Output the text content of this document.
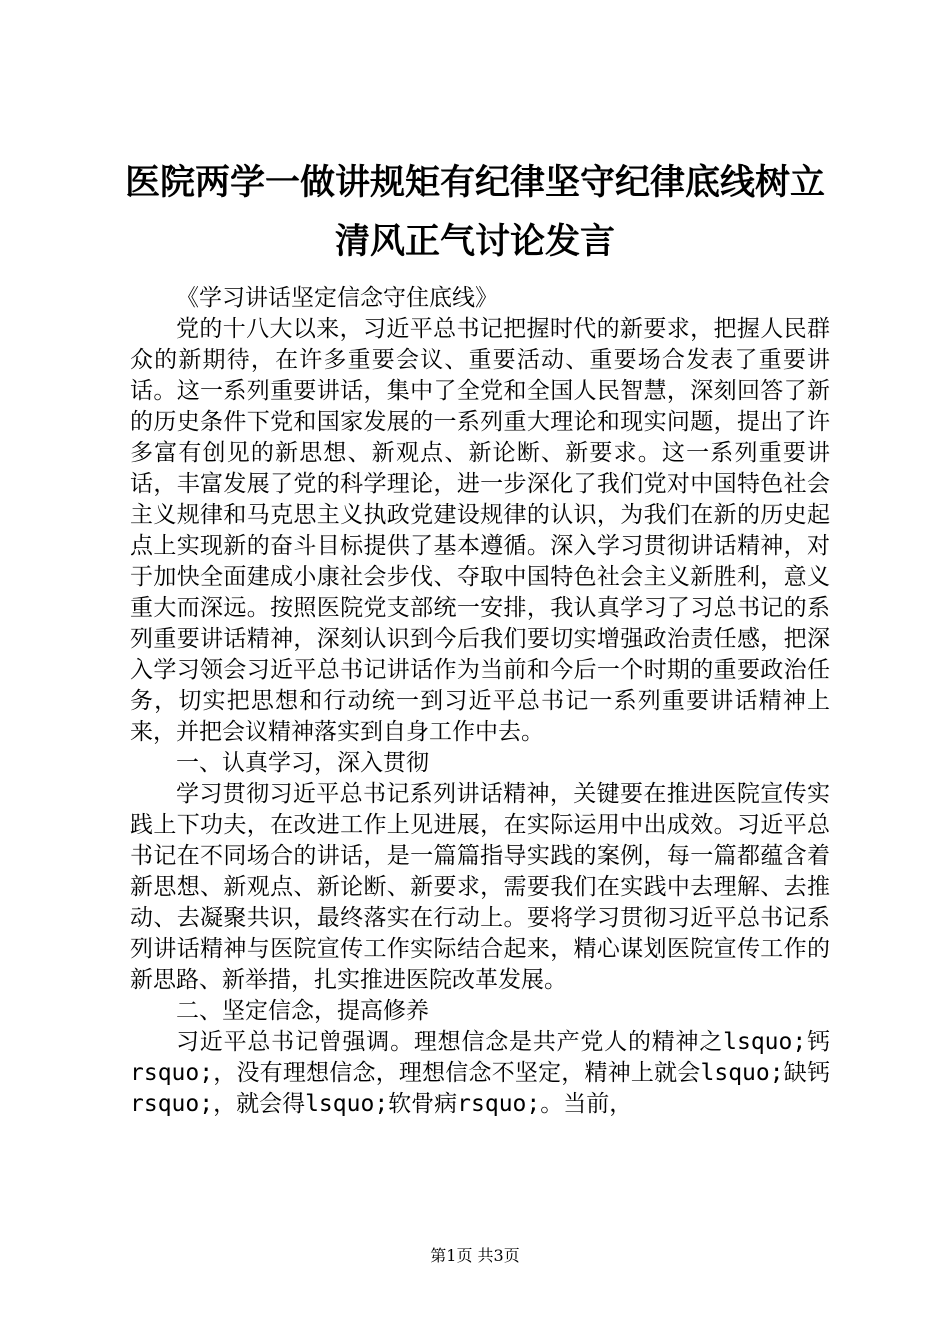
医院两学一做讲规矩有纪律坚守纪律底线树立
清风正气讨论发言

《学习讲话坚定信念守住底线》

党的十八大以来，习近平总书记把握时代的新要求，把握人民群众的新期待，在许多重要会议、重要活动、重要场合发表了重要讲话。这一系列重要讲话，集中了全党和全国人民智慧，深刻回答了新的历史条件下党和国家发展的一系列重大理论和现实问题，提出了许多富有创见的新思想、新观点、新论断、新要求。这一系列重要讲话，丰富发展了党的科学理论，进一步深化了我们党对中国特色社会主义规律和马克思主义执政党建设规律的认识，为我们在新的历史起点上实现新的奋斗目标提供了基本遵循。深入学习贯彻讲话精神，对于加快全面建成小康社会步伐、夺取中国特色社会主义新胜利，意义重大而深远。按照医院党支部统一安排，我认真学习了习总书记的系列重要讲话精神，深刻认识到今后我们要切实增强政治责任感，把深入学习领会习近平总书记讲话作为当前和今后一个时期的重要政治任务，切实把思想和行动统一到习近平总书记一系列重要讲话精神上来，并把会议精神落实到自身工作中去。

一、认真学习，深入贯彻

学习贯彻习近平总书记系列讲话精神，关键要在推进医院宣传实践上下功夫，在改进工作上见进展，在实际运用中出成效。习近平总书记在不同场合的讲话，是一篇篇指导实践的案例，每一篇都蕴含着新思想、新观点、新论断、新要求，需要我们在实践中去理解、去推动、去凝聚共识，最终落实在行动上。要将学习贯彻习近平总书记系列讲话精神与医院宣传工作实际结合起来，精心谋划医院宣传工作的新思路、新举措，扎实推进医院改革发展。

二、坚定信念，提高修养

习近平总书记曾强调。理想信念是共产党人的精神之lsquo;钙rsquo;，没有理想信念，理想信念不坚定，精神上就会lsquo;缺钙rsquo;，就会得lsquo;软骨病rsquo;。当前，

第1页 共3页
